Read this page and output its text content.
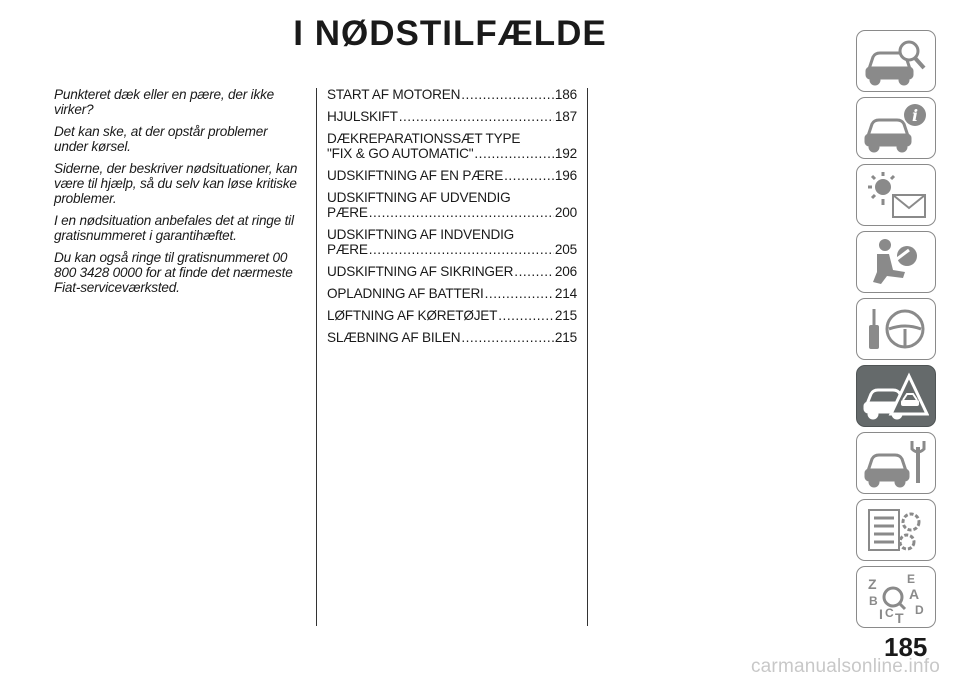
I NØDSTILFÆLDE

Punkteret dæk eller en pære, der ikke virker?

Det kan ske, at der opstår problemer under kørsel.

Siderne, der beskriver nødsituationer, kan være til hjælp, så du selv kan løse kritiske problemer.

I en nødsituation anbefales det at ringe til gratisnummeret i garantihæftet.

Du kan også ringe til gratisnummeret 00 800 3428 0000 for at finde det nærmeste Fiat-serviceværksted.

START AF MOTOREN .....	186
HJULSKIFT .....	187
DÆKREPARATIONSSÆT TYPE
"FIX & GO AUTOMATIC" .....	192
UDSKIFTNING AF EN PÆRE .....	196
UDSKIFTNING AF UDVENDIG
PÆRE .....	200
UDSKIFTNING AF INDVENDIG
PÆRE .....	205
UDSKIFTNING AF SIKRINGER .....	206
OPLADNING AF BATTERI .....	214
LØFTNING AF KØRETØJET .....	215
SLÆBNING AF BILEN .....	215
i
Z	E
A
B
D
I C T
185
carmanualsonline.info
